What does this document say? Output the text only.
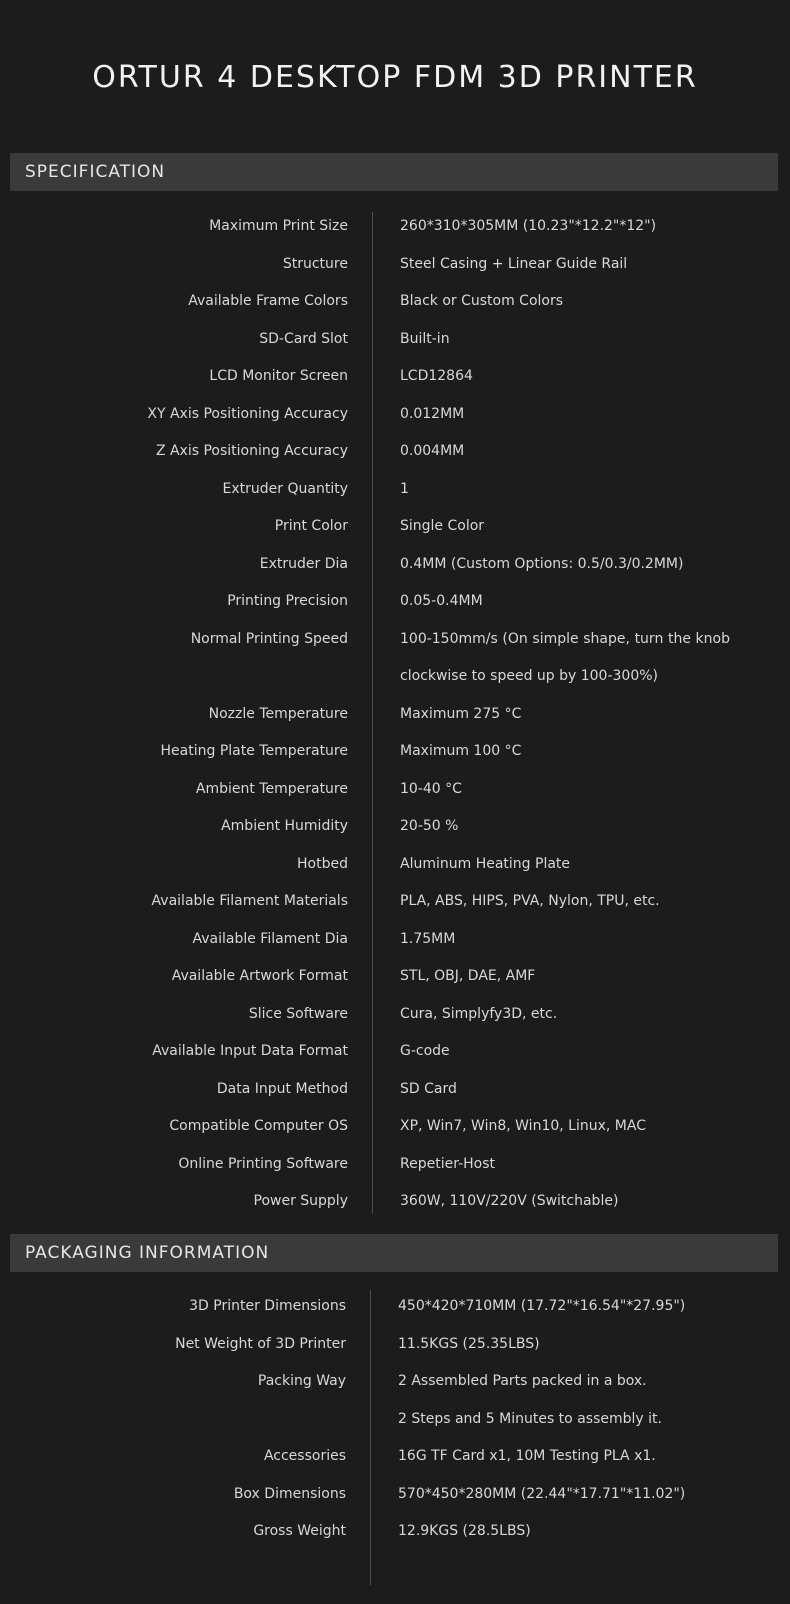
ORTUR 4 DESKTOP FDM 3D PRINTER
SPECIFICATION
Maximum Print Size	260*310*305MM (10.23"*12.2"*12")
Structure	Steel Casing + Linear Guide Rail
Available Frame Colors	Black or Custom Colors
SD-Card Slot	Built-in
LCD Monitor Screen	LCD12864
XY Axis Positioning Accuracy	0.012MM
Z Axis Positioning Accuracy	0.004MM
Extruder Quantity	1
Print Color	Single Color
Extruder Dia	0.4MM (Custom Options: 0.5/0.3/0.2MM)
Printing Precision	0.05-0.4MM
Normal Printing Speed	100-150mm/s (On simple shape, turn the knob clockwise to speed up by 100-300%)
Nozzle Temperature	Maximum 275 °C
Heating Plate Temperature	Maximum 100 °C
Ambient Temperature	10-40 °C
Ambient Humidity	20-50 %
Hotbed	Aluminum Heating Plate
Available Filament Materials	PLA, ABS, HIPS, PVA, Nylon, TPU, etc.
Available Filament Dia	1.75MM
Available Artwork Format	STL, OBJ, DAE, AMF
Slice Software	Cura, Simplyfy3D, etc.
Available Input Data Format	G-code
Data Input Method	SD Card
Compatible Computer OS	XP, Win7, Win8, Win10, Linux, MAC
Online Printing Software	Repetier-Host
Power Supply	360W, 110V/220V (Switchable)
PACKAGING INFORMATION
3D Printer Dimensions	450*420*710MM (17.72"*16.54"*27.95")
Net Weight of 3D Printer	11.5KGS (25.35LBS)
Packing Way	2 Assembled Parts packed in a box.
2 Steps and 5 Minutes to assembly it.
Accessories	16G TF Card x1, 10M Testing PLA x1.
Box Dimensions	570*450*280MM (22.44"*17.71"*11.02")
Gross Weight	12.9KGS (28.5LBS)
